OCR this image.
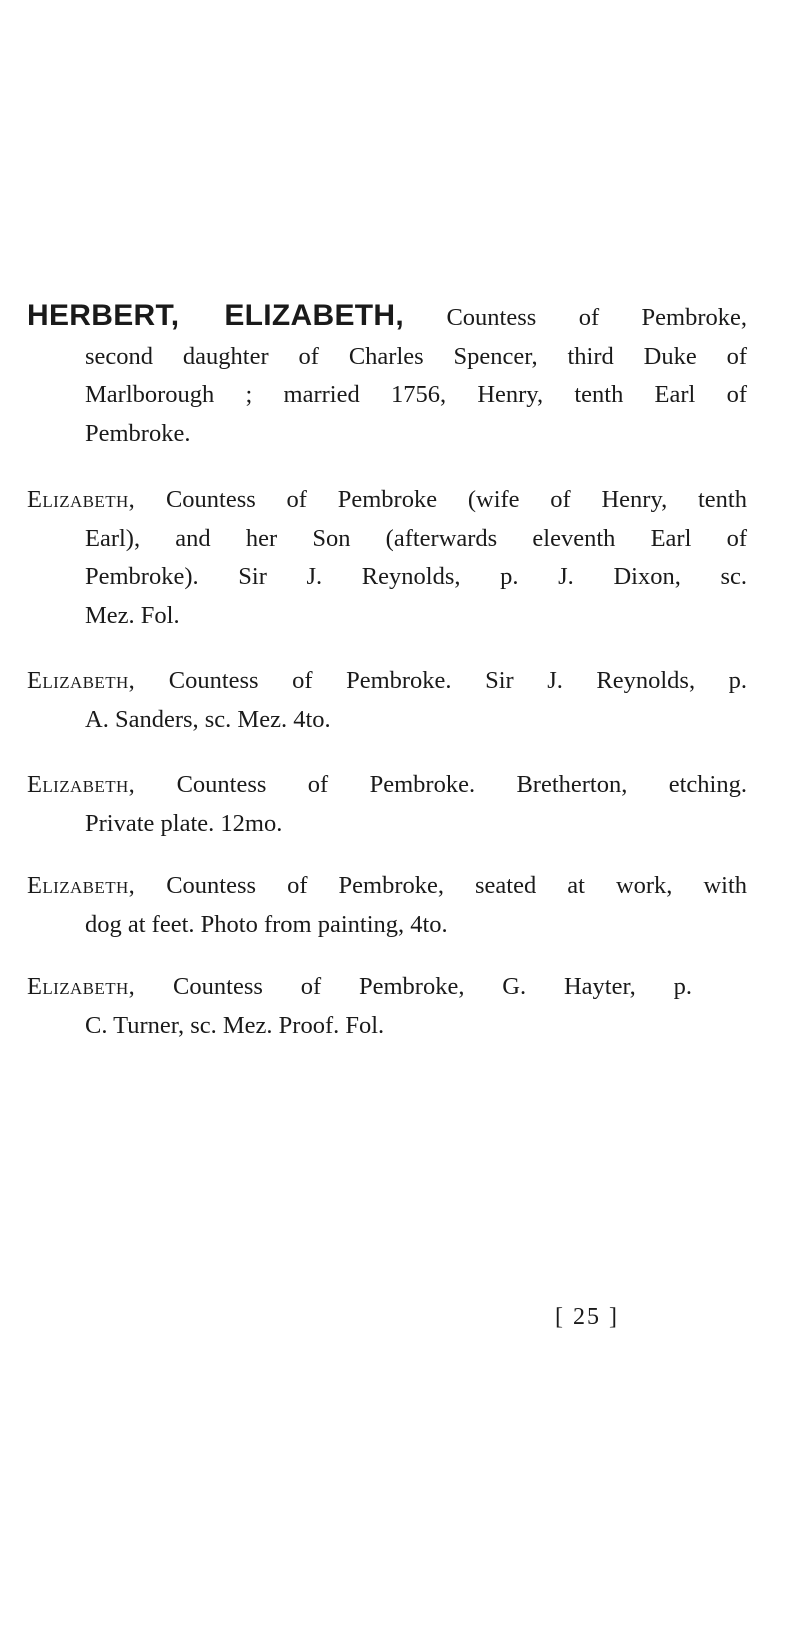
HERBERT, ELIZABETH, Countess of Pembroke,
second daughter of Charles Spencer, third Duke of
Marlborough ; married 1756, Henry, tenth Earl of
Pembroke.
Elizabeth, Countess of Pembroke (wife of Henry, tenth
Earl), and her Son (afterwards eleventh Earl of
Pembroke). Sir J. Reynolds, p. J. Dixon, sc.
Mez. Fol.
Elizabeth, Countess of Pembroke. Sir J. Reynolds, p.
A. Sanders, sc. Mez. 4to.
Elizabeth, Countess of Pembroke. Bretherton, etching.
Private plate. 12mo.
Elizabeth, Countess of Pembroke, seated at work, with
dog at feet. Photo from painting, 4to.
Elizabeth, Countess of Pembroke, G. Hayter, p.
C. Turner, sc. Mez. Proof. Fol.
[ 25 ]
